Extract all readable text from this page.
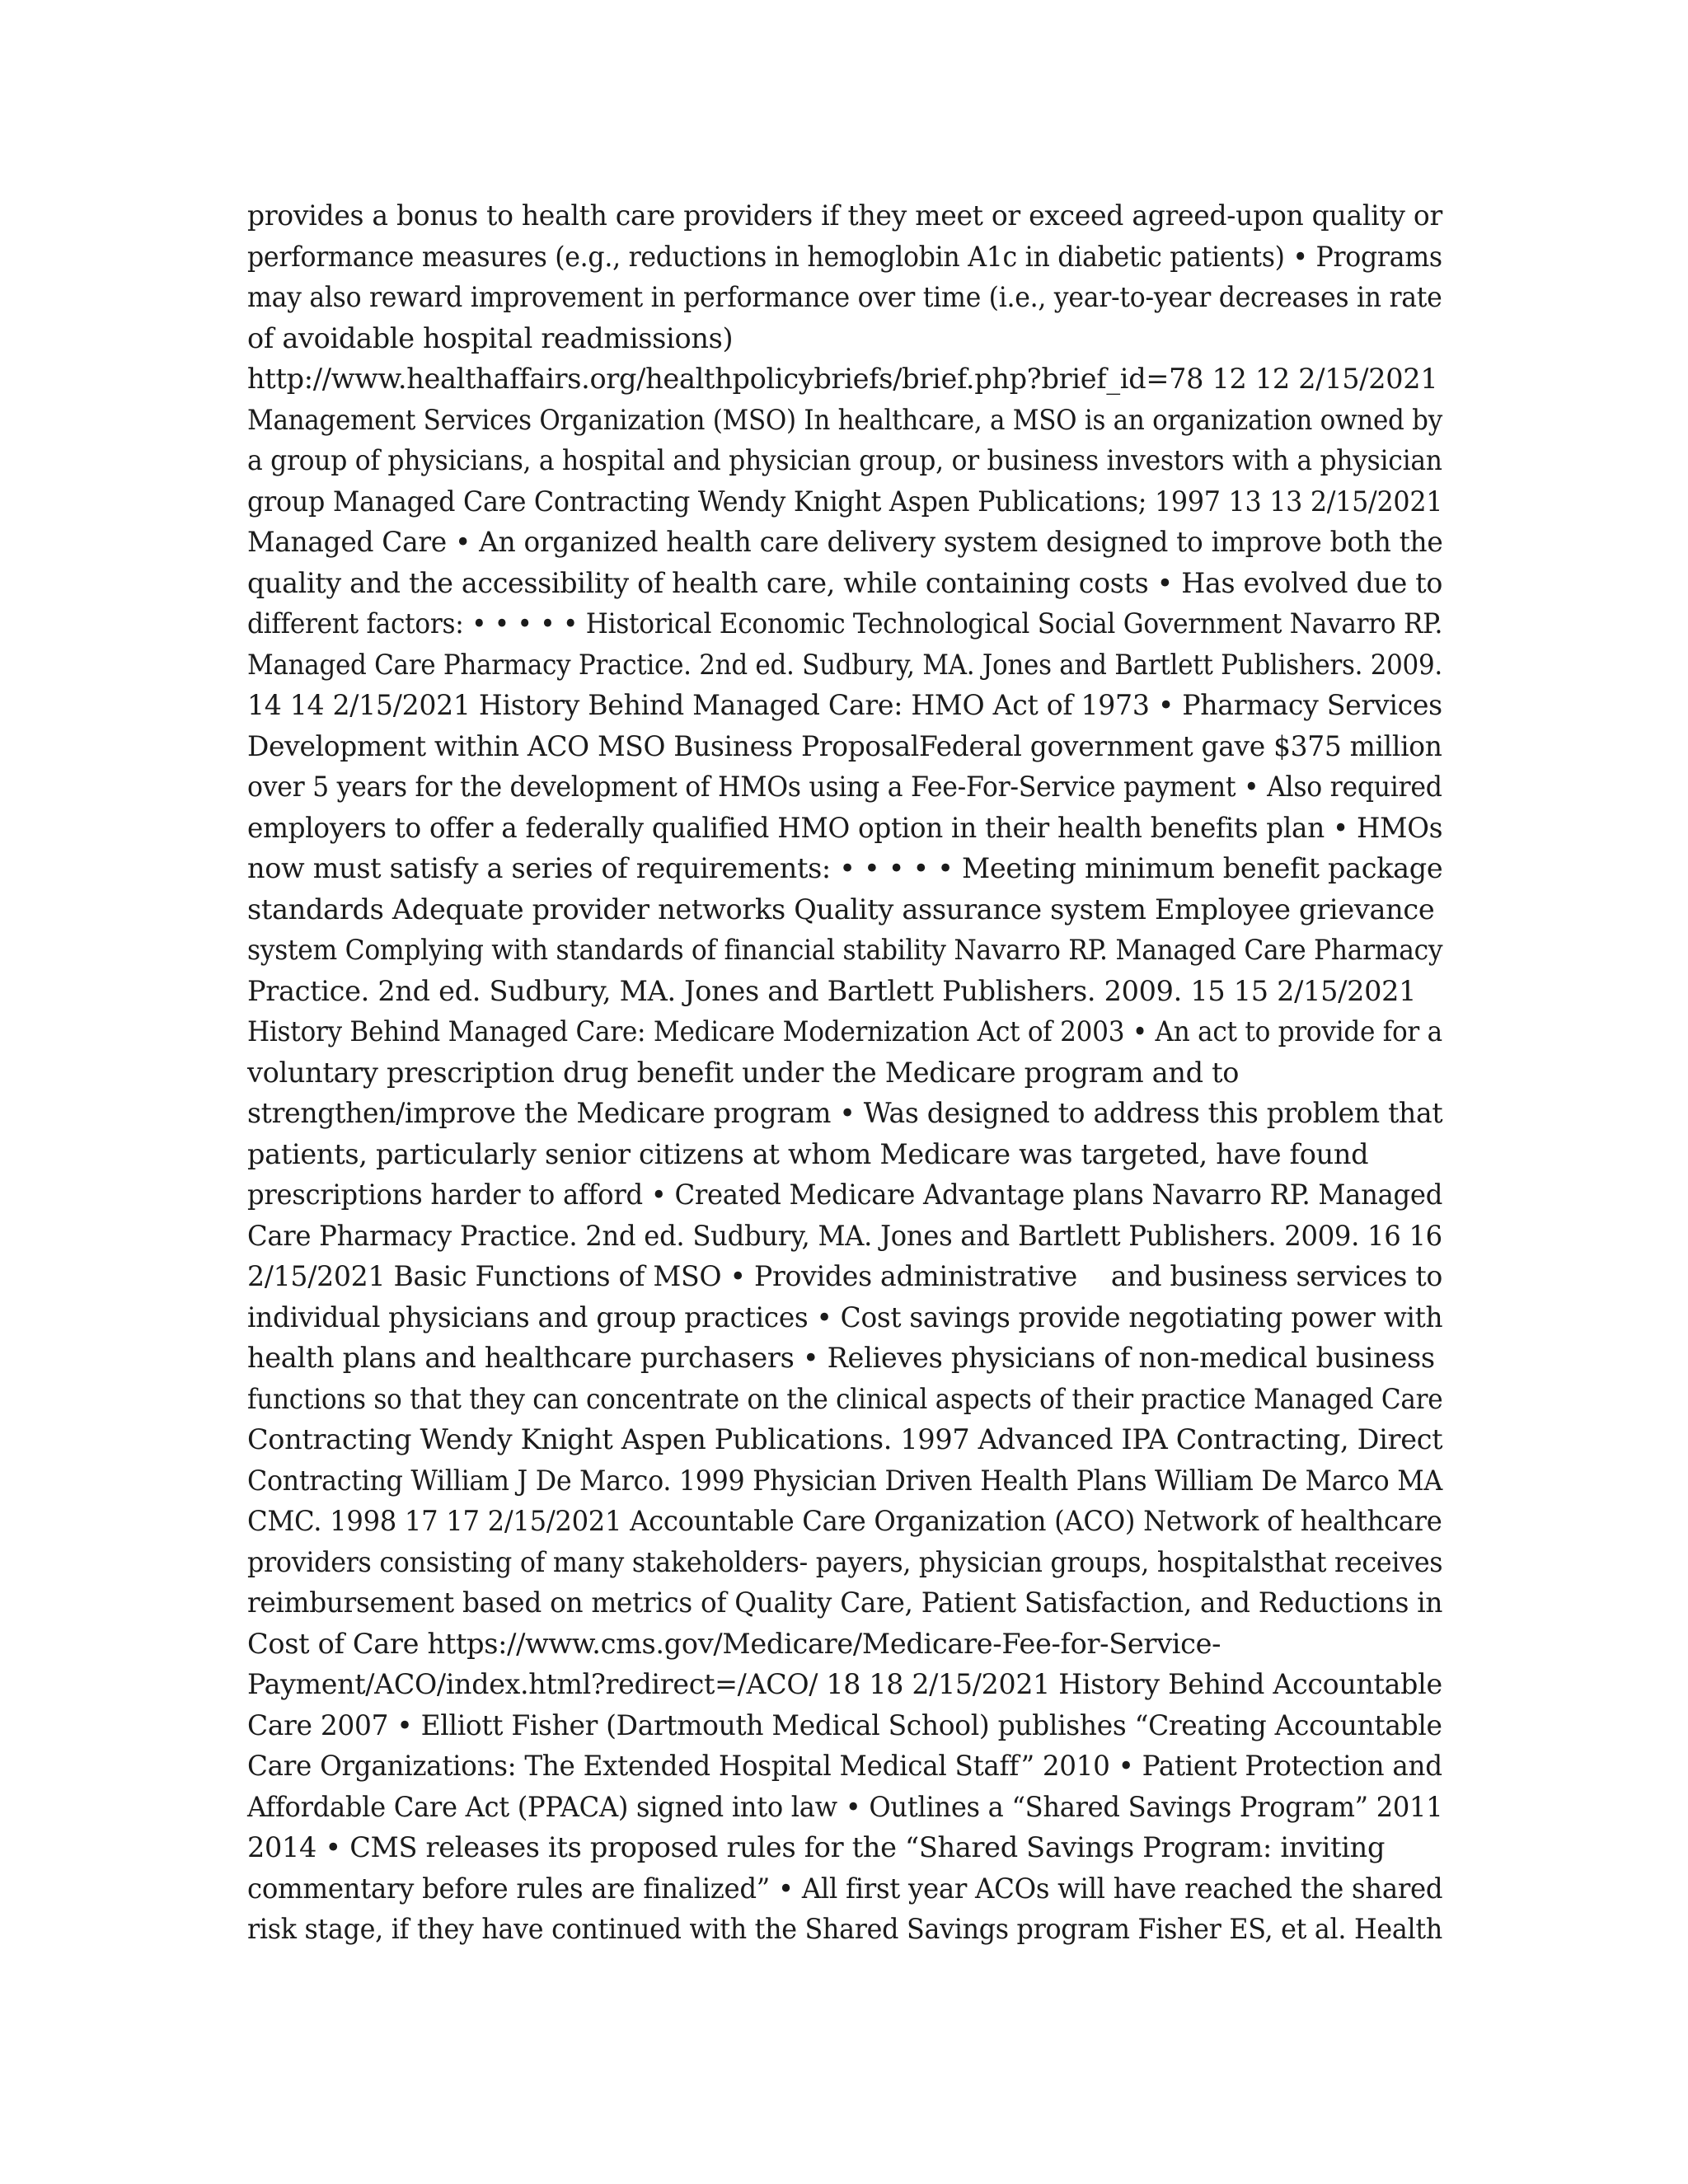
provides a bonus to health care providers if they meet or exceed agreed-upon quality or
performance measures (e.g., reductions in hemoglobin A1c in diabetic patients) • Programs
may also reward improvement in performance over time (i.e., year-to-year decreases in rate
of avoidable hospital readmissions)
http://www.healthaffairs.org/healthpolicybriefs/brief.php?brief_id=78 12 12 2/15/2021
Management Services Organization (MSO) In healthcare, a MSO is an organization owned by
a group of physicians, a hospital and physician group, or business investors with a physician
group Managed Care Contracting Wendy Knight Aspen Publications; 1997 13 13 2/15/2021
Managed Care • An organized health care delivery system designed to improve both the
quality and the accessibility of health care, while containing costs • Has evolved due to
different factors: • • • • • Historical Economic Technological Social Government Navarro RP.
Managed Care Pharmacy Practice. 2nd ed. Sudbury, MA. Jones and Bartlett Publishers. 2009.
14 14 2/15/2021 History Behind Managed Care: HMO Act of 1973 • Pharmacy Services
Development within ACO MSO Business ProposalFederal government gave $375 million
over 5 years for the development of HMOs using a Fee-For-Service payment • Also required
employers to offer a federally qualified HMO option in their health benefits plan • HMOs
now must satisfy a series of requirements: • • • • • Meeting minimum benefit package
standards Adequate provider networks Quality assurance system Employee grievance
system Complying with standards of financial stability Navarro RP. Managed Care Pharmacy
Practice. 2nd ed. Sudbury, MA. Jones and Bartlett Publishers. 2009. 15 15 2/15/2021
History Behind Managed Care: Medicare Modernization Act of 2003 • An act to provide for a
voluntary prescription drug benefit under the Medicare program and to
strengthen/improve the Medicare program • Was designed to address this problem that
patients, particularly senior citizens at whom Medicare was targeted, have found
prescriptions harder to afford • Created Medicare Advantage plans Navarro RP. Managed
Care Pharmacy Practice. 2nd ed. Sudbury, MA. Jones and Bartlett Publishers. 2009. 16 16
2/15/2021 Basic Functions of MSO • Provides administrative    and business services to
individual physicians and group practices • Cost savings provide negotiating power with
health plans and healthcare purchasers • Relieves physicians of non-medical business
functions so that they can concentrate on the clinical aspects of their practice Managed Care
Contracting Wendy Knight Aspen Publications. 1997 Advanced IPA Contracting, Direct
Contracting William J De Marco. 1999 Physician Driven Health Plans William De Marco MA
CMC. 1998 17 17 2/15/2021 Accountable Care Organization (ACO) Network of healthcare
providers consisting of many stakeholders- payers, physician groups, hospitalsthat receives
reimbursement based on metrics of Quality Care, Patient Satisfaction, and Reductions in
Cost of Care https://www.cms.gov/Medicare/Medicare-Fee-for-Service-
Payment/ACO/index.html?redirect=/ACO/ 18 18 2/15/2021 History Behind Accountable
Care 2007 • Elliott Fisher (Dartmouth Medical School) publishes “Creating Accountable
Care Organizations: The Extended Hospital Medical Staff” 2010 • Patient Protection and
Affordable Care Act (PPACA) signed into law • Outlines a “Shared Savings Program” 2011
2014 • CMS releases its proposed rules for the “Shared Savings Program: inviting
commentary before rules are finalized” • All first year ACOs will have reached the shared
risk stage, if they have continued with the Shared Savings program Fisher ES, et al. Health
